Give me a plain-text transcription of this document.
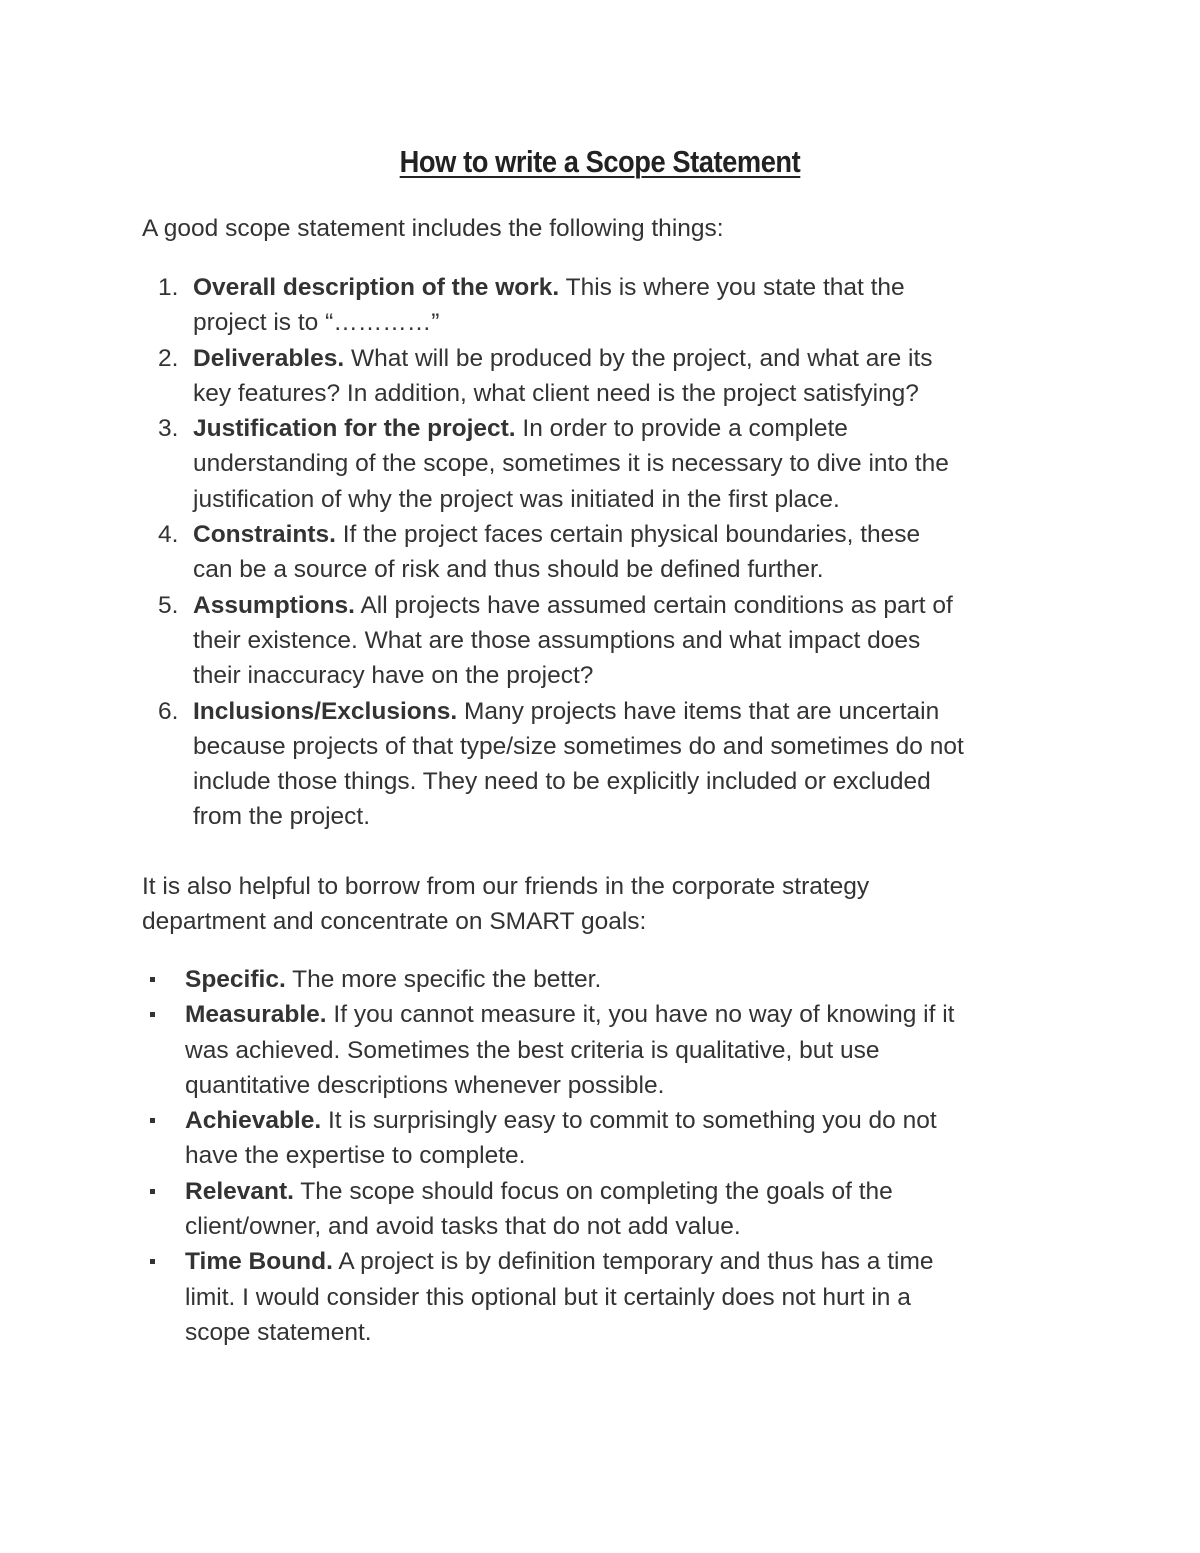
How to write a Scope Statement
A good scope statement includes the following things:
1. Overall description of the work. This is where you state that the
project is to “…………”
2. Deliverables. What will be produced by the project, and what are its
key features? In addition, what client need is the project satisfying?
3. Justification for the project. In order to provide a complete
understanding of the scope, sometimes it is necessary to dive into the
justification of why the project was initiated in the first place.
4. Constraints. If the project faces certain physical boundaries, these
can be a source of risk and thus should be defined further.
5. Assumptions. All projects have assumed certain conditions as part of
their existence. What are those assumptions and what impact does
their inaccuracy have on the project?
6. Inclusions/Exclusions. Many projects have items that are uncertain
because projects of that type/size sometimes do and sometimes do not
include those things. They need to be explicitly included or excluded
from the project.
It is also helpful to borrow from our friends in the corporate strategy
department and concentrate on SMART goals:
Specific. The more specific the better.
Measurable. If you cannot measure it, you have no way of knowing if it
was achieved. Sometimes the best criteria is qualitative, but use
quantitative descriptions whenever possible.
Achievable. It is surprisingly easy to commit to something you do not
have the expertise to complete.
Relevant. The scope should focus on completing the goals of the
client/owner, and avoid tasks that do not add value.
Time Bound. A project is by definition temporary and thus has a time
limit. I would consider this optional but it certainly does not hurt in a
scope statement.
